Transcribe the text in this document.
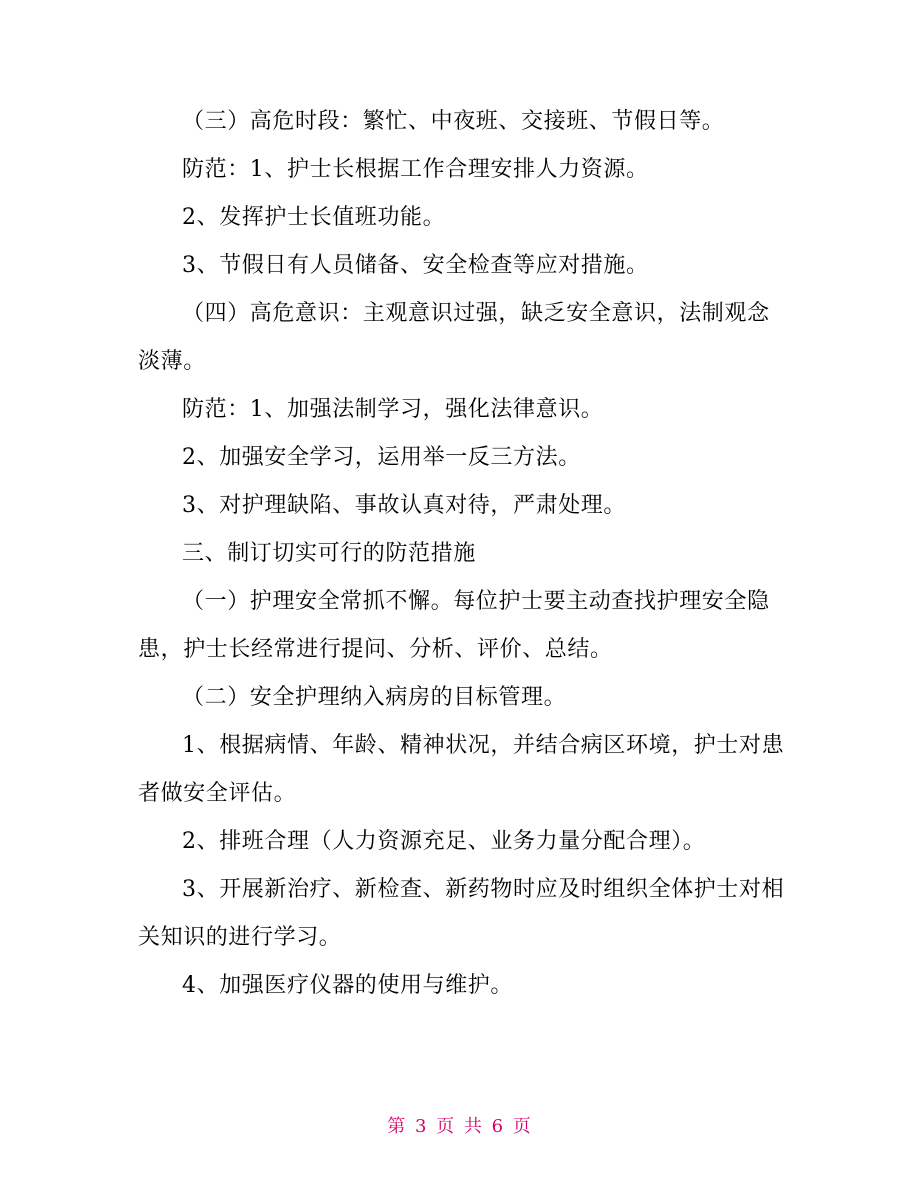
（三）高危时段：繁忙、中夜班、交接班、节假日等。

防范：1、护士长根据工作合理安排人力资源。

2、发挥护士长值班功能。

3、节假日有人员储备、安全检查等应对措施。

（四）高危意识：主观意识过强，缺乏安全意识，法制观念淡薄。

防范：1、加强法制学习，强化法律意识。

2、加强安全学习，运用举一反三方法。

3、对护理缺陷、事故认真对待，严肃处理。

三、制订切实可行的防范措施

（一）护理安全常抓不懈。每位护士要主动查找护理安全隐患，护士长经常进行提问、分析、评价、总结。

（二）安全护理纳入病房的目标管理。

1、根据病情、年龄、精神状况，并结合病区环境，护士对患者做安全评估。

2、排班合理（人力资源充足、业务力量分配合理）。

3、开展新治疗、新检查、新药物时应及时组织全体护士对相关知识的进行学习。

4、加强医疗仪器的使用与维护。

第 3 页 共 6 页
